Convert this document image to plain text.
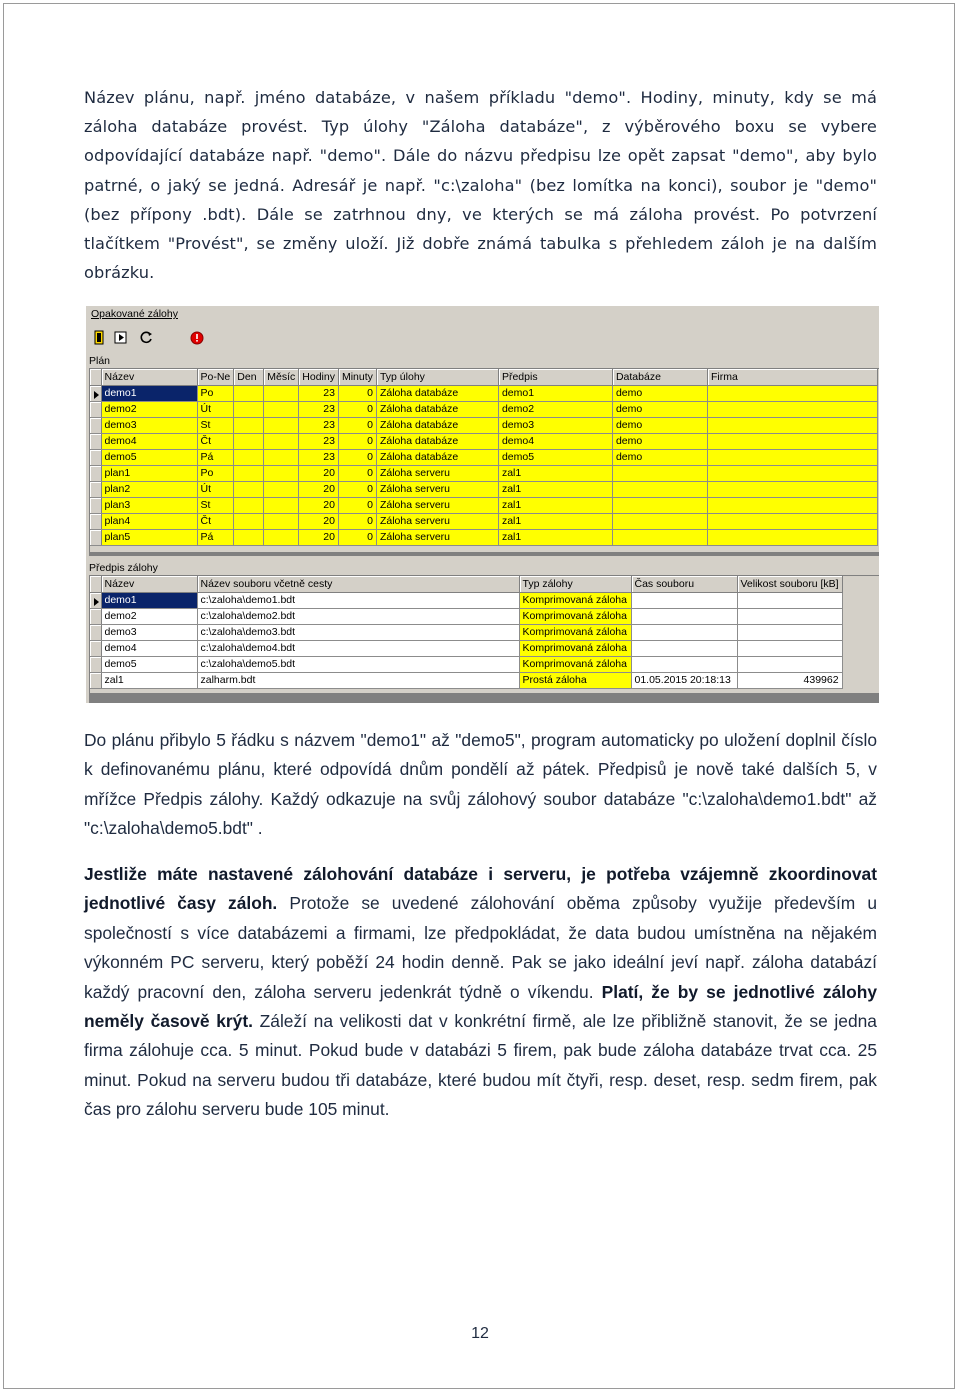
Název plánu, např. jméno databáze, v našem příkladu "demo". Hodiny, minuty, kdy se má záloha databáze provést. Typ úlohy "Záloha databáze", z výběrového boxu se vybere odpovídající databáze např. "demo". Dále do názvu předpisu lze opět zapsat "demo", aby bylo patrné, o jaký se jedná. Adresář je např. "c:\zaloha" (bez lomítka na konci), soubor je "demo" (bez přípony .bdt). Dále se zatrhnou dny, ve kterých se má záloha provést. Po potvrzení tlačítkem "Provést", se změny uloží. Již dobře známá tabulka s přehledem záloh je na dalším obrázku.
Opakované zálohy
Plán
	Název	Po-Ne	Den	Měsíc	Hodiny	Minuty	Typ úlohy	Předpis	Databáze	Firma

	demo1	Po			23	0	Záloha databáze	demo1	demo	
	demo2	Út			23	0	Záloha databáze	demo2	demo	
	demo3	St			23	0	Záloha databáze	demo3	demo	
	demo4	Čt			23	0	Záloha databáze	demo4	demo	
	demo5	Pá			23	0	Záloha databáze	demo5	demo	
	plan1	Po			20	0	Záloha serveru	zal1		
	plan2	Út			20	0	Záloha serveru	zal1		
	plan3	St			20	0	Záloha serveru	zal1		
	plan4	Čt			20	0	Záloha serveru	zal1		
	plan5	Pá			20	0	Záloha serveru	zal1		
Předpis zálohy
	Název	Název souboru včetně cesty	Typ zálohy	Čas souboru	Velikost souboru [kB]

	demo1	c:\zaloha\demo1.bdt	Komprimovaná záloha		
	demo2	c:\zaloha\demo2.bdt	Komprimovaná záloha		
	demo3	c:\zaloha\demo3.bdt	Komprimovaná záloha		
	demo4	c:\zaloha\demo4.bdt	Komprimovaná záloha		
	demo5	c:\zaloha\demo5.bdt	Komprimovaná záloha		
	zal1	zalharm.bdt	Prostá záloha	01.05.2015 20:18:13	439962
Do plánu přibylo 5 řádku s názvem "demo1" až "demo5", program automaticky po uložení doplnil číslo k definovanému plánu, které odpovídá dnům pondělí až pátek. Předpisů je nově také dalších 5, v mřížce Předpis zálohy. Každý odkazuje na svůj zálohový soubor databáze "c:\zaloha\demo1.bdt" až "c:\zaloha\demo5.bdt" .
Jestliže máte nastavené zálohování databáze i serveru, je potřeba vzájemně zkoordinovat jednotlivé časy záloh. Protože se uvedené zálohování oběma způsoby využije především u společností s více databázemi a firmami, lze předpokládat, že data budou umístněna na nějakém výkonném PC serveru, který poběží 24 hodin denně. Pak se jako ideální jeví např. záloha databází každý pracovní den, záloha serveru jedenkrát týdně o víkendu. Platí, že by se jednotlivé zálohy neměly časově krýt. Záleží na velikosti dat v konkrétní firmě, ale lze přibližně stanovit, že se jedna firma zálohuje cca. 5 minut. Pokud bude v databázi 5 firem, pak bude záloha databáze trvat cca. 25 minut. Pokud na serveru budou tři databáze, které budou mít čtyři, resp. deset, resp. sedm firem, pak čas pro zálohu serveru bude 105 minut.
12
